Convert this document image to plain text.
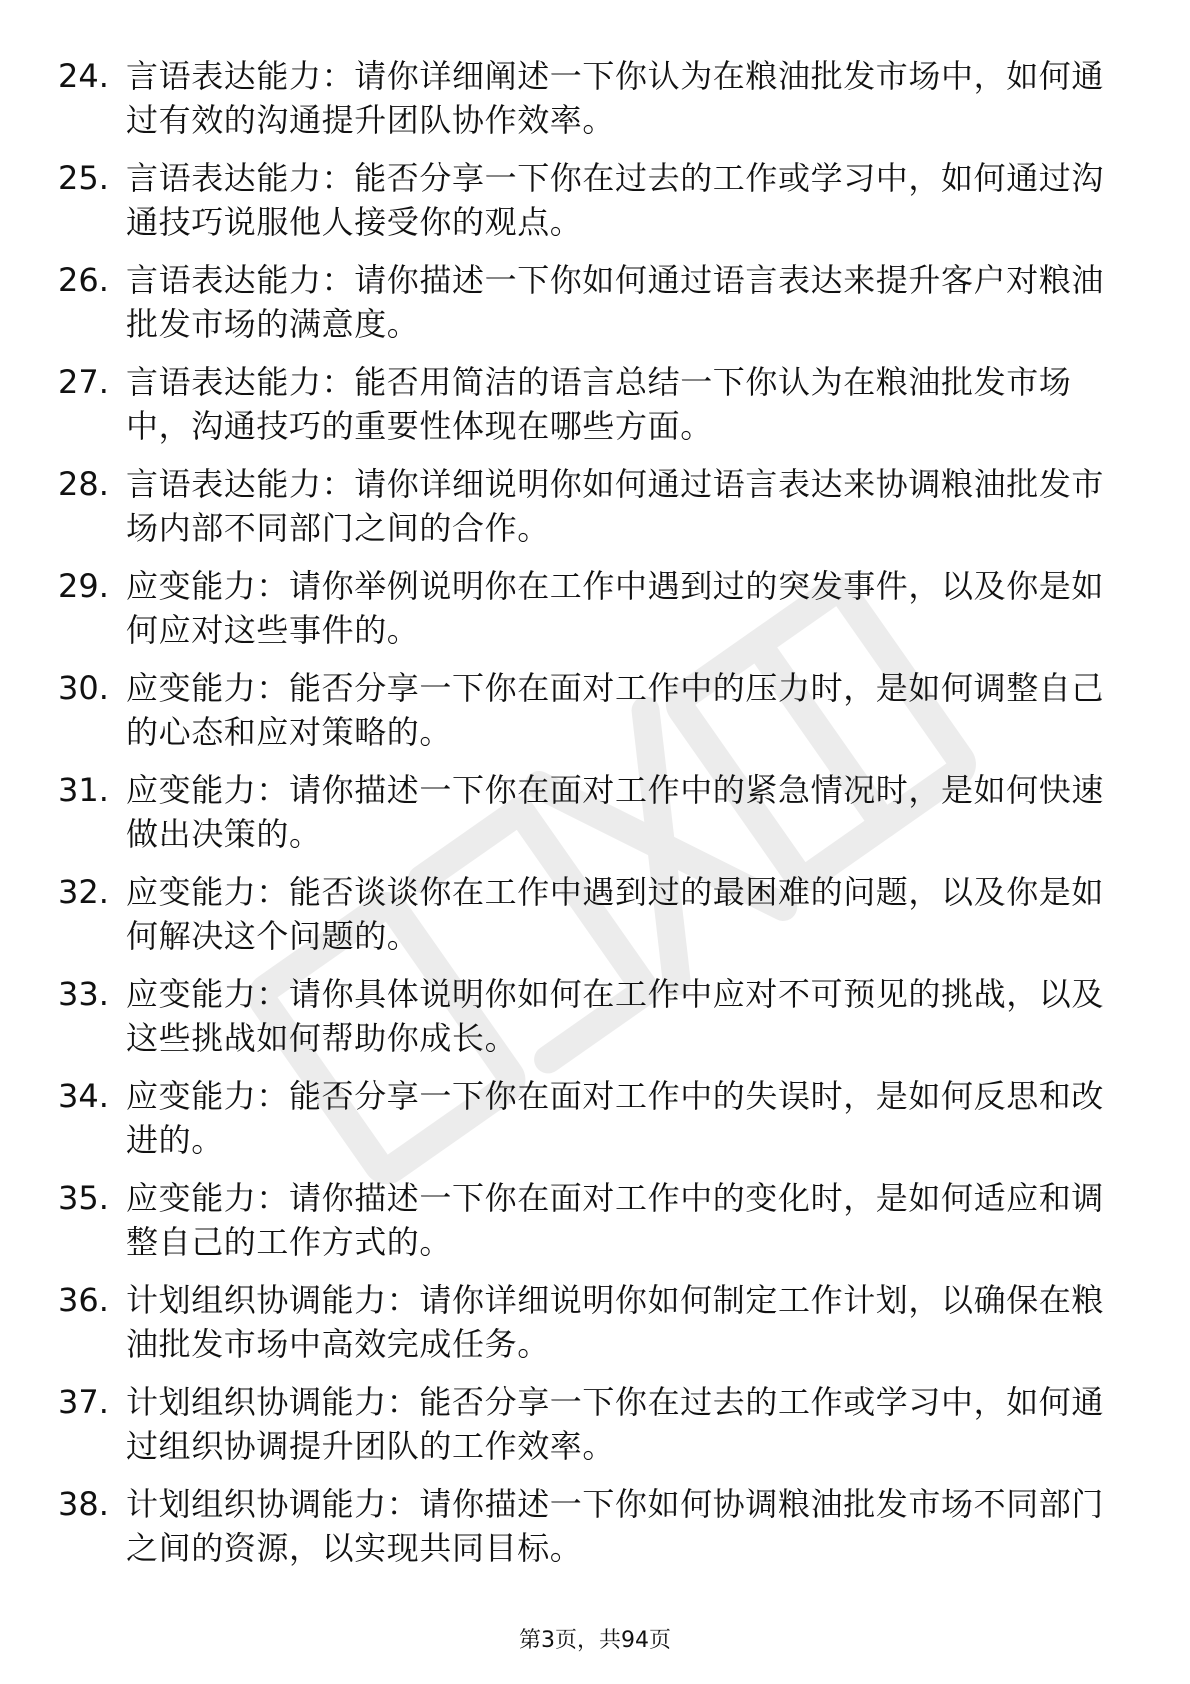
24. 言语表达能力：请你详细阐述一下你认为在粮油批发市场中，如何通过有效的沟通提升团队协作效率。
25. 言语表达能力：能否分享一下你在过去的工作或学习中，如何通过沟通技巧说服他人接受你的观点。
26. 言语表达能力：请你描述一下你如何通过语言表达来提升客户对粮油批发市场的满意度。
27. 言语表达能力：能否用简洁的语言总结一下你认为在粮油批发市场中，沟通技巧的重要性体现在哪些方面。
28. 言语表达能力：请你详细说明你如何通过语言表达来协调粮油批发市场内部不同部门之间的合作。
29. 应变能力：请你举例说明你在工作中遇到过的突发事件，以及你是如何应对这些事件的。
30. 应变能力：能否分享一下你在面对工作中的压力时，是如何调整自己的心态和应对策略的。
31. 应变能力：请你描述一下你在面对工作中的紧急情况时，是如何快速做出决策的。
32. 应变能力：能否谈谈你在工作中遇到过的最困难的问题，以及你是如何解决这个问题的。
33. 应变能力：请你具体说明你如何在工作中应对不可预见的挑战，以及这些挑战如何帮助你成长。
34. 应变能力：能否分享一下你在面对工作中的失误时，是如何反思和改进的。
35. 应变能力：请你描述一下你在面对工作中的变化时，是如何适应和调整自己的工作方式的。
36. 计划组织协调能力：请你详细说明你如何制定工作计划，以确保在粮油批发市场中高效完成任务。
37. 计划组织协调能力：能否分享一下你在过去的工作或学习中，如何通过组织协调提升团队的工作效率。
38. 计划组织协调能力：请你描述一下你如何协调粮油批发市场不同部门之间的资源，以实现共同目标。
第3页，共94页
